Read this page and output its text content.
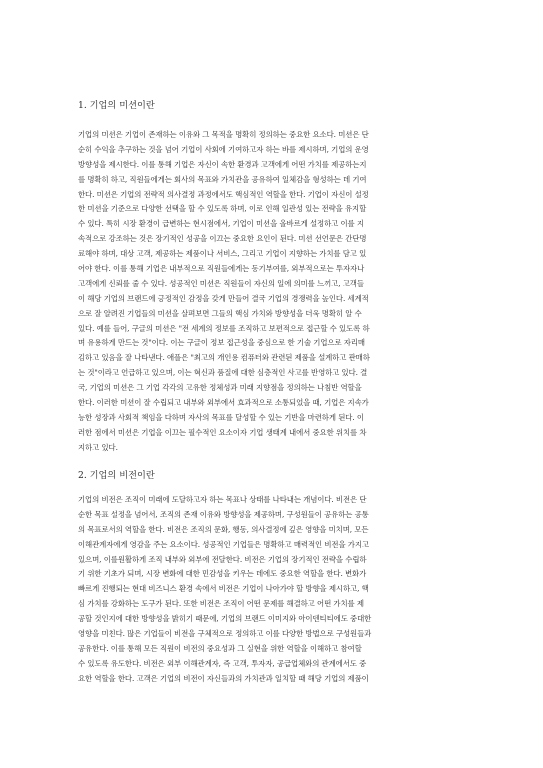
1. 기업의 미션이란
기업의 미션은 기업이 존재하는 이유와 그 목적을 명확히 정의하는 중요한 요소다. 미션은 단
순히 수익을 추구하는 것을 넘어 기업이 사회에 기여하고자 하는 바를 제시하며, 기업의 운영
방향성을 제시한다. 이를 통해 기업은 자신이 속한 환경과 고객에게 어떤 가치를 제공하는지
를 명확히 하고, 직원들에게는 회사의 목표와 가치관을 공유하여 일체감을 형성하는 데 기여
한다. 미션은 기업의 전략적 의사결정 과정에서도 핵심적인 역할을 한다. 기업이 자신이 설정
한 미션을 기준으로 다양한 선택을 할 수 있도록 하며, 이로 인해 일관성 있는 전략을 유지할
수 있다. 특히 시장 환경이 급변하는 현시점에서, 기업이 미션을 올바르게 설정하고 이를 지
속적으로 강조하는 것은 장기적인 성공을 이끄는 중요한 요인이 된다. 미션 선언문은 간단명
료해야 하며, 대상 고객, 제공하는 제품이나 서비스, 그리고 기업이 지향하는 가치를 담고 있
어야 한다. 이를 통해 기업은 내부적으로 직원들에게는 동기부여를, 외부적으로는 투자자나
고객에게 신뢰를 줄 수 있다. 성공적인 미션은 직원들이 자신의 일에 의미를 느끼고, 고객들
이 해당 기업의 브랜드에 긍정적인 감정을 갖게 만들어 결국 기업의 경쟁력을 높인다. 세계적
으로 잘 알려진 기업들의 미션을 살펴보면 그들의 핵심 가치와 방향성을 더욱 명확히 알 수
있다. 예를 들어, 구글의 미션은 "전 세계의 정보를 조직하고 보편적으로 접근할 수 있도록 하
며 유용하게 만드는 것"이다. 이는 구글이 정보 접근성을 중심으로 한 기술 기업으로 자리매
김하고 있음을 잘 나타낸다. 애플은 "최고의 개인용 컴퓨터와 관련된 제품을 설계하고 판매하
는 것"이라고 언급하고 있으며, 이는 혁신과 품질에 대한 심층적인 사고를 반영하고 있다. 결
국, 기업의 미션은 그 기업 각각의 고유한 정체성과 미래 지향점을 정의하는 나침반 역할을
한다. 이러한 미션이 잘 수립되고 내부와 외부에서 효과적으로 소통되었을 때, 기업은 지속가
능한 성장과 사회적 책임을 다하며 자사의 목표를 달성할 수 있는 기반을 마련하게 된다. 이
러한 점에서 미션은 기업을 이끄는 필수적인 요소이자 기업 생태계 내에서 중요한 위치를 차
지하고 있다.
2. 기업의 비전이란
기업의 비전은 조직이 미래에 도달하고자 하는 목표나 상태를 나타내는 개념이다. 비전은 단
순한 목표 설정을 넘어서, 조직의 존재 이유와 방향성을 제공하며, 구성원들이 공유하는 공통
의 목표로서의 역할을 한다. 비전은 조직의 문화, 행동, 의사결정에 깊은 영향을 미치며, 모든
이해관계자에게 영감을 주는 요소이다. 성공적인 기업들은 명확하고 매력적인 비전을 가지고
있으며, 이를원활하게 조직 내부와 외부에 전달한다. 비전은 기업의 장기적인 전략을 수립하
기 위한 기초가 되며, 시장 변화에 대한 민감성을 키우는 데에도 중요한 역할을 한다. 변화가
빠르게 진행되는 현대 비즈니스 환경 속에서 비전은 기업이 나아가야 할 방향을 제시하고, 핵
심 가치를 강화하는 도구가 된다. 또한 비전은 조직이 어떤 문제를 해결하고 어떤 가치를 제
공할 것인지에 대한 방향성을 밝히기 때문에, 기업의 브랜드 이미지와 아이덴티티에도 중대한
영향을 미친다. 많은 기업들이 비전을 구체적으로 정의하고 이를 다양한 방법으로 구성원들과
공유한다. 이를 통해 모든 직원이 비전의 중요성과 그 실현을 위한 역할을 이해하고 참여할
수 있도록 유도한다. 비전은 외부 이해관계자, 즉 고객, 투자자, 공급업체와의 관계에서도 중
요한 역할을 한다. 고객은 기업의 비전이 자신들과의 가치관과 일치할 때 해당 기업의 제품이
